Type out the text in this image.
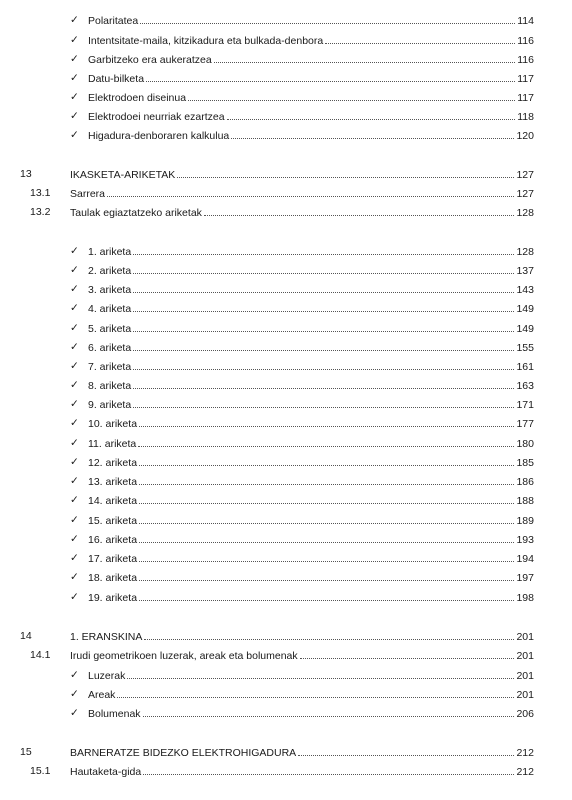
✓ Polaritatea	114
✓ Intentsitate-maila, kitzikadura eta bulkada-denbora	116
✓ Garbitzeko era aukeratzea	116
✓ Datu-bilketa	117
✓ Elektrodoen diseinua	117
✓ Elektrodoei neurriak ezartzea	118
✓ Higadura-denboraren kalkulua	120
13	IKASKETA-ARIKETAK	127
13.1 Sarrera	127
13.2 Taulak egiaztatzeko ariketak	128
✓ 1. ariketa	128
✓ 2. ariketa	137
✓ 3. ariketa	143
✓ 4. ariketa	149
✓ 5. ariketa	149
✓ 6. ariketa	155
✓ 7. ariketa	161
✓ 8. ariketa	163
✓ 9. ariketa	171
✓ 10. ariketa	177
✓ 11. ariketa	180
✓ 12. ariketa	185
✓ 13. ariketa	186
✓ 14. ariketa	188
✓ 15. ariketa	189
✓ 16. ariketa	193
✓ 17. ariketa	194
✓ 18. ariketa	197
✓ 19. ariketa	198
14	1. ERANSKINA	201
14.1 Irudi geometrikoen luzerak, areak eta bolumenak	201
✓ Luzerak	201
✓ Areak	201
✓ Bolumenak	206
15	BARNERATZE BIDEZKO ELEKTROHIGADURA	212
15.1 Hautaketa-gida	212
